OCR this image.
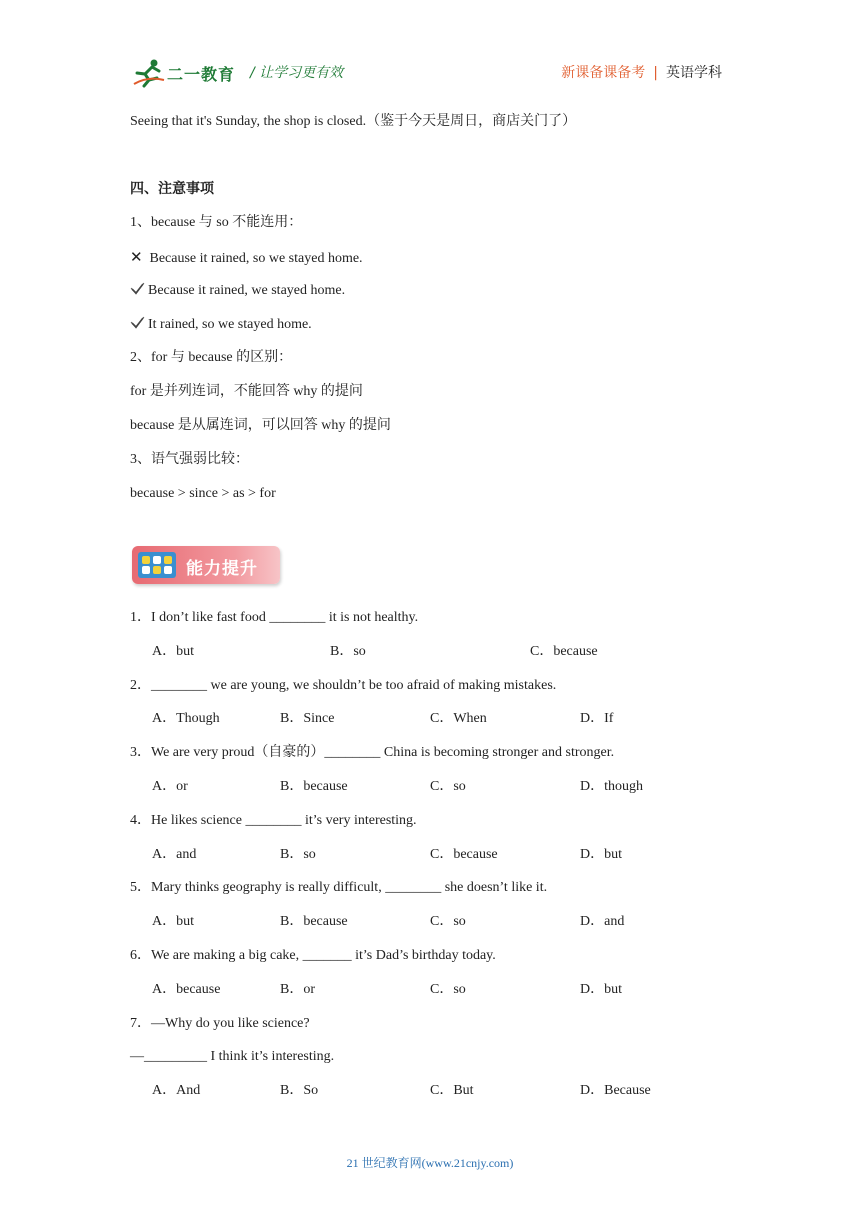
二一教育 / 让学习更有效	新课备课备考 | 英语学科
Seeing that it's Sunday, the shop is closed.（鉴于今天是周日，商店关门了）
四、注意事项
1、because 与 so 不能连用：
✕ Because it rained, so we stayed home.
Because it rained, we stayed home.
It rained, so we stayed home.
2、for 与 because 的区别：
for 是并列连词，不能回答 why 的提问
because 是从属连词，可以回答 why 的提问
3、语气强弱比较：
because > since > as > for
能力提升
1．I don’t like fast food ________ it is not healthy.
A．but	B．so	C．because
2．________ we are young, we shouldn’t be too afraid of making mistakes.
A．Though	B．Since	C．When	D．If
3．We are very proud（自豪的）________ China is becoming stronger and stronger.
A．or	B．because	C．so	D．though
4．He likes science ________ it’s very interesting.
A．and	B．so	C．because	D．but
5．Mary thinks geography is really difficult, ________ she doesn’t like it.
A．but	B．because	C．so	D．and
6．We are making a big cake, _______ it’s Dad’s birthday today.
A．because	B．or	C．so	D．but
7．—Why do you like science?
—_________ I think it’s interesting.
A．And	B．So	C．But	D．Because
21 世纪教育网(www.21cnjy.com)
